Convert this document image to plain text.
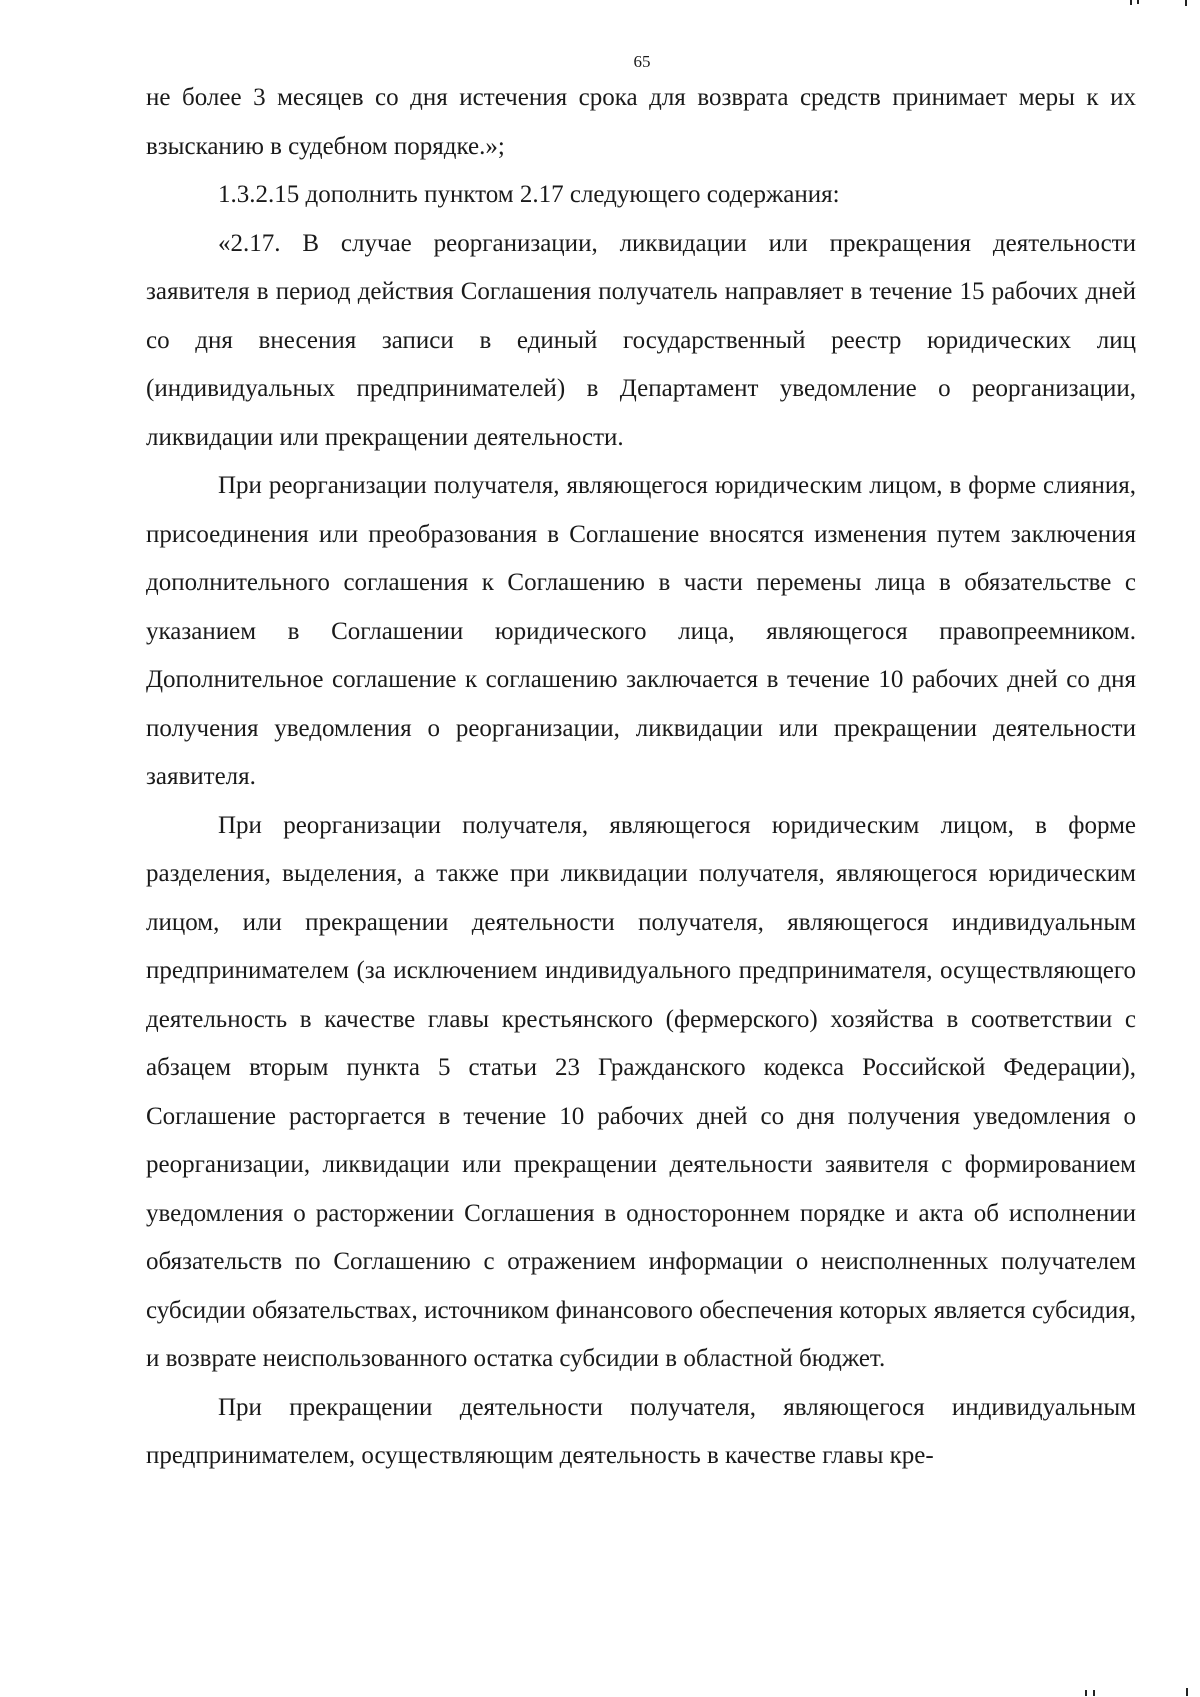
65

не более 3 месяцев со дня истечения срока для возврата средств принимает меры к их взысканию в судебном порядке.»;

1.3.2.15 дополнить пунктом 2.17 следующего содержания:

«2.17. В случае реорганизации, ликвидации или прекращения деятельности заявителя в период действия Соглашения получатель направляет в течение 15 рабочих дней со дня внесения записи в единый государственный реестр юридических лиц (индивидуальных предпринимателей) в Департамент уведомление о реорганизации, ликвидации или прекращении деятельности.

При реорганизации получателя, являющегося юридическим лицом, в форме слияния, присоединения или преобразования в Соглашение вносятся изменения путем заключения дополнительного соглашения к Соглашению в части перемены лица в обязательстве с указанием в Соглашении юридического лица, являющегося правопреемником. Дополнительное соглашение к соглашению заключается в течение 10 рабочих дней со дня получения уведомления о реорганизации, ликвидации или прекращении деятельности заявителя.

При реорганизации получателя, являющегося юридическим лицом, в форме разделения, выделения, а также при ликвидации получателя, являющегося юридическим лицом, или прекращении деятельности получателя, являющегося индивидуальным предпринимателем (за исключением индивидуального предпринимателя, осуществляющего деятельность в качестве главы крестьянского (фермерского) хозяйства в соответствии с абзацем вторым пункта 5 статьи 23 Гражданского кодекса Российской Федерации), Соглашение расторгается в течение 10 рабочих дней со дня получения уведомления о реорганизации, ликвидации или прекращении деятельности заявителя с формированием уведомления о расторжении Соглашения в одностороннем порядке и акта об исполнении обязательств по Соглашению с отражением информации о неисполненных получателем субсидии обязательствах, источником финансового обеспечения которых является субсидия, и возврате неиспользованного остатка субсидии в областной бюджет.

При прекращении деятельности получателя, являющегося индивидуальным предпринимателем, осуществляющим деятельность в качестве главы кре-
